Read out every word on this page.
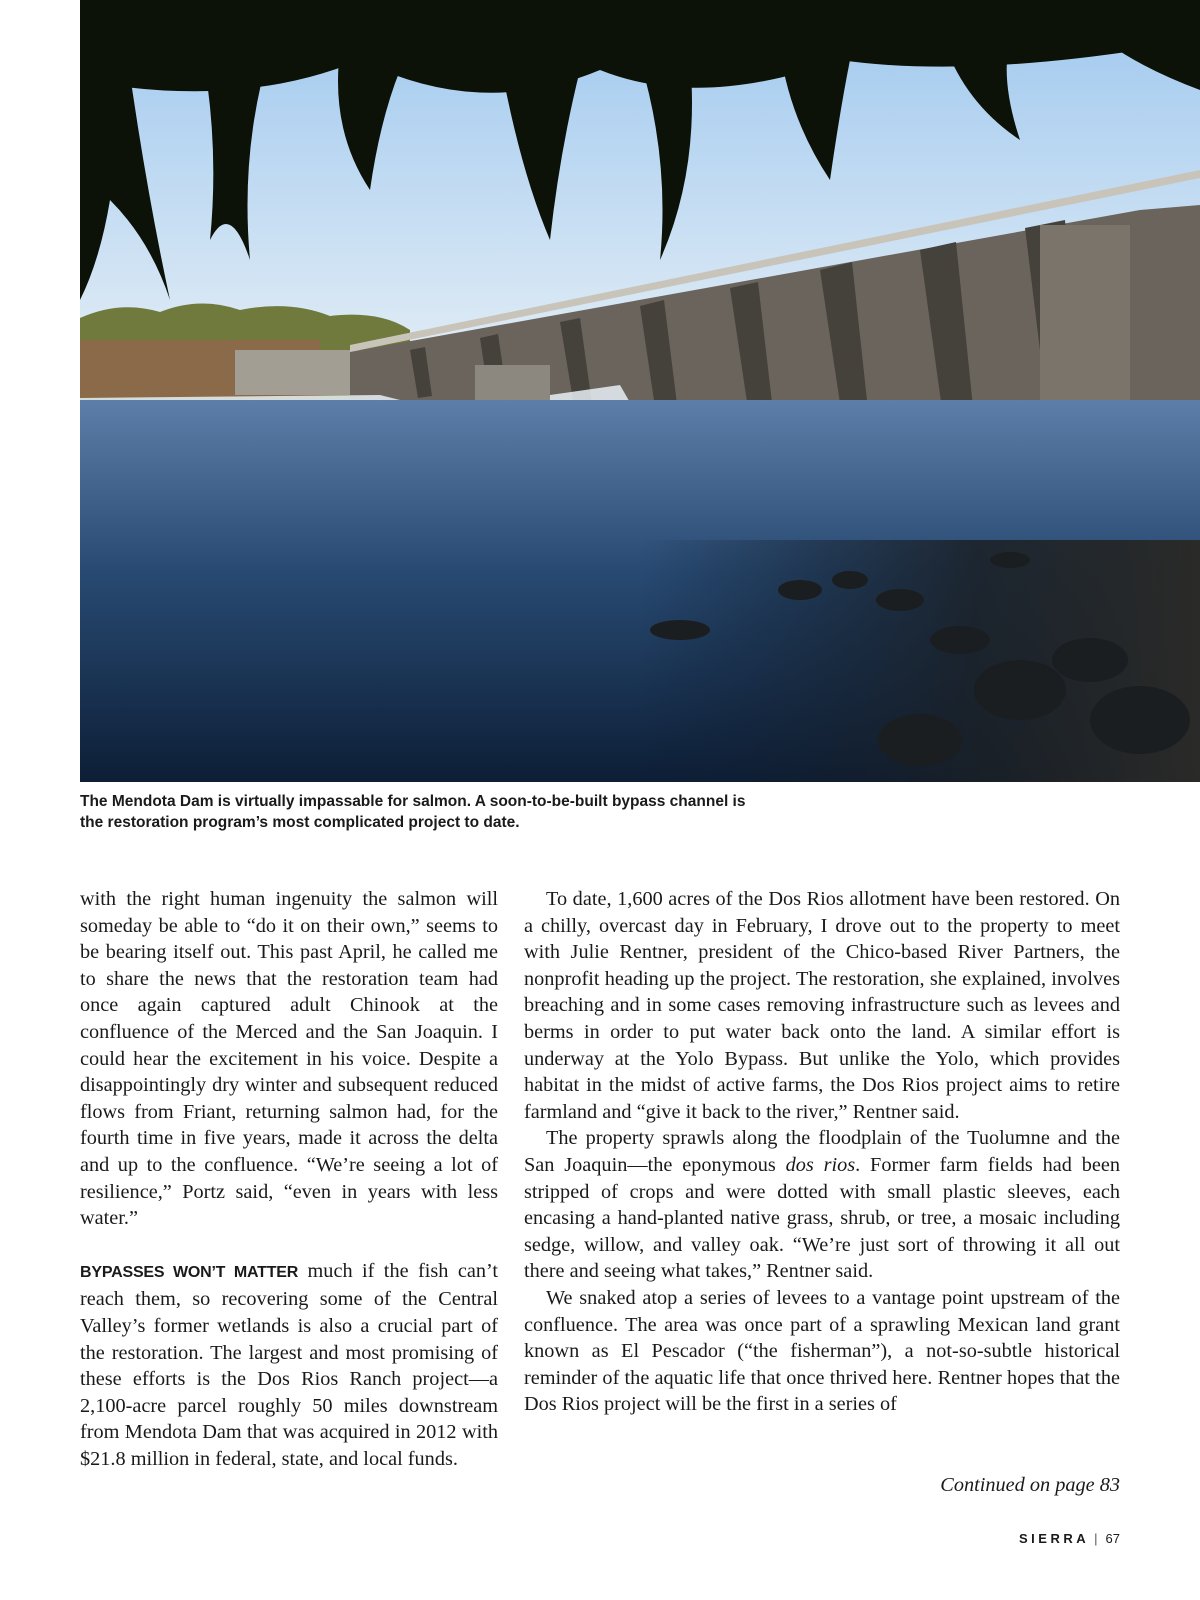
The Mendota Dam is virtually impassable for salmon. A soon-to-be-built bypass channel is the restoration program’s most complicated project to date.

with the right human ingenuity the salmon will someday be able to “do it on their own,” seems to be bearing itself out. This past April, he called me to share the news that the restoration team had once again captured adult Chinook at the confluence of the Merced and the San Joaquin. I could hear the excitement in his voice. Despite a disappointingly dry winter and subsequent reduced flows from Friant, returning salmon had, for the fourth time in five years, made it across the delta and up to the confluence. “We’re seeing a lot of resilience,” Portz said, “even in years with less water.”

BYPASSES WON’T MATTER much if the fish can’t reach them, so recovering some of the Central Valley’s former wetlands is also a crucial part of the restoration. The largest and most promising of these efforts is the Dos Rios Ranch project—a 2,100-acre parcel roughly 50 miles downstream from Mendota Dam that was acquired in 2012 with $21.8 million in federal, state, and local funds.

To date, 1,600 acres of the Dos Rios allotment have been restored. On a chilly, overcast day in February, I drove out to the property to meet with Julie Rentner, president of the Chico-based River Partners, the nonprofit heading up the project. The restoration, she explained, involves breaching and in some cases removing infrastructure such as levees and berms in order to put water back onto the land. A similar effort is underway at the Yolo Bypass. But unlike the Yolo, which provides habitat in the midst of active farms, the Dos Rios project aims to retire farmland and “give it back to the river,” Rentner said.

The property sprawls along the floodplain of the Tuolumne and the San Joaquin—the eponymous dos rios. Former farm fields had been stripped of crops and were dotted with small plastic sleeves, each encasing a hand-planted native grass, shrub, or tree, a mosaic including sedge, willow, and valley oak. “We’re just sort of throwing it all out there and seeing what takes,” Rentner said.

We snaked atop a series of levees to a vantage point upstream of the confluence. The area was once part of a sprawling Mexican land grant known as El Pescador (“the fisherman”), a not-so-subtle historical reminder of the aquatic life that once thrived here. Rentner hopes that the Dos Rios project will be the first in a series of

Continued on page 83
SIERRA | 67
